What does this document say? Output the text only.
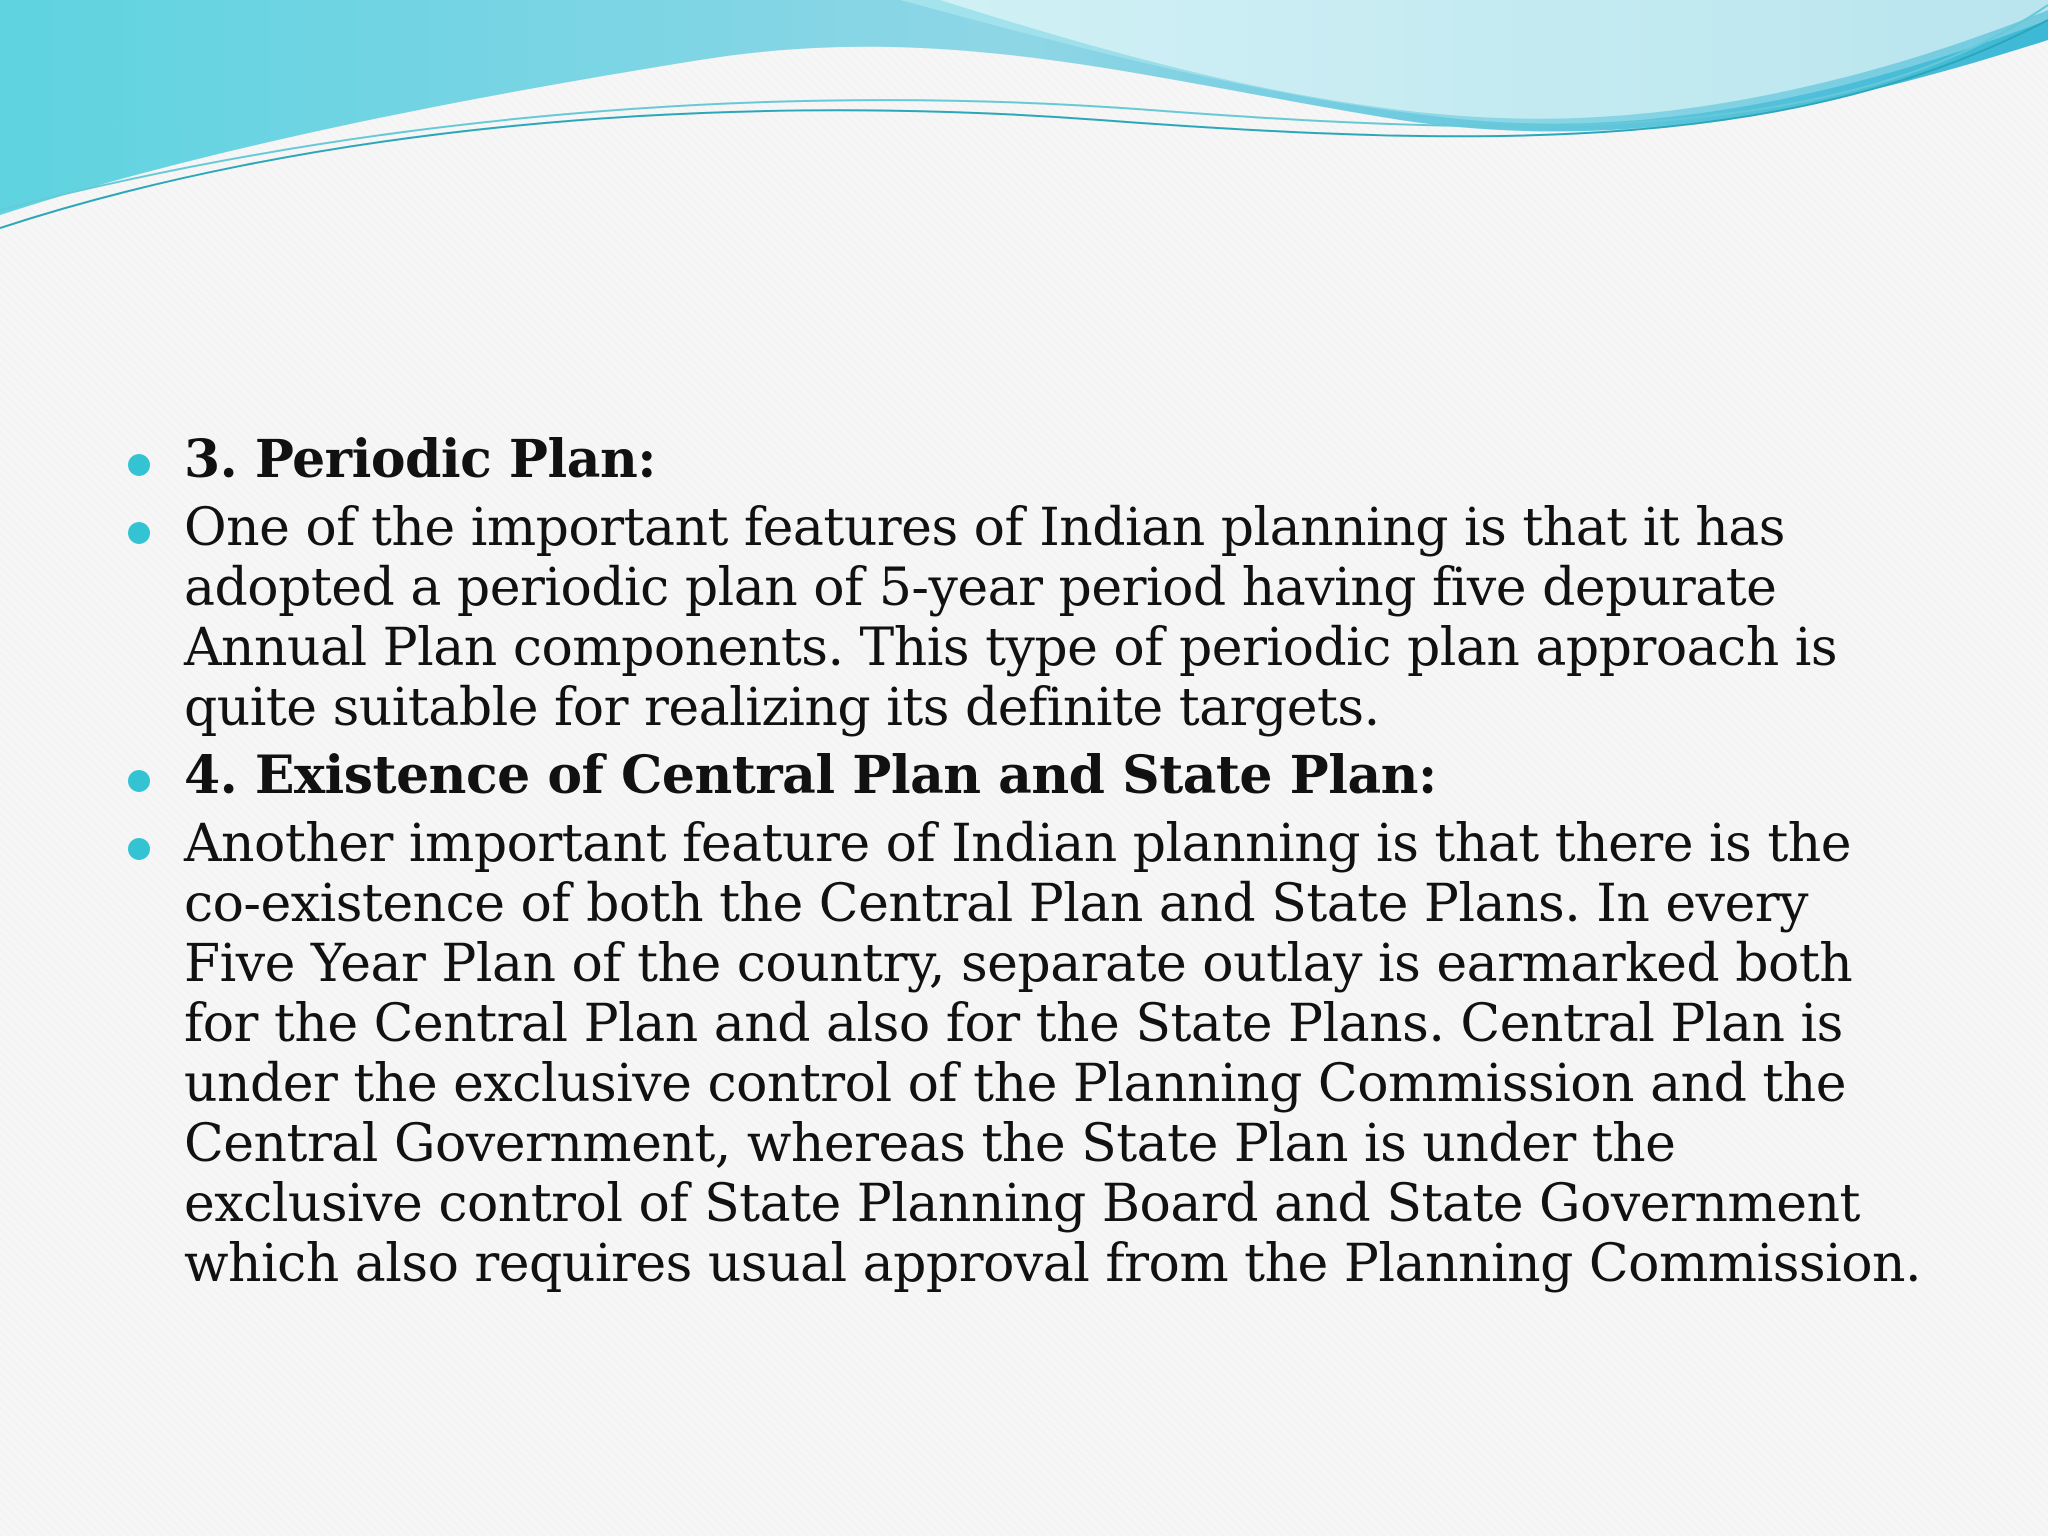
3. Periodic Plan:
One of the important features of Indian planning is that it has adopted a periodic plan of 5-year period having five depurate Annual Plan components. This type of periodic plan approach is quite suitable for realizing its definite targets.
4. Existence of Central Plan and State Plan:
Another important feature of Indian planning is that there is the co-existence of both the Central Plan and State Plans. In every Five Year Plan of the country, separate outlay is earmarked both for the Central Plan and also for the State Plans. Central Plan is under the exclusive control of the Planning Commission and the Central Government, whereas the State Plan is under the exclusive control of State Planning Board and State Government which also requires usual approval from the Planning Commission.
